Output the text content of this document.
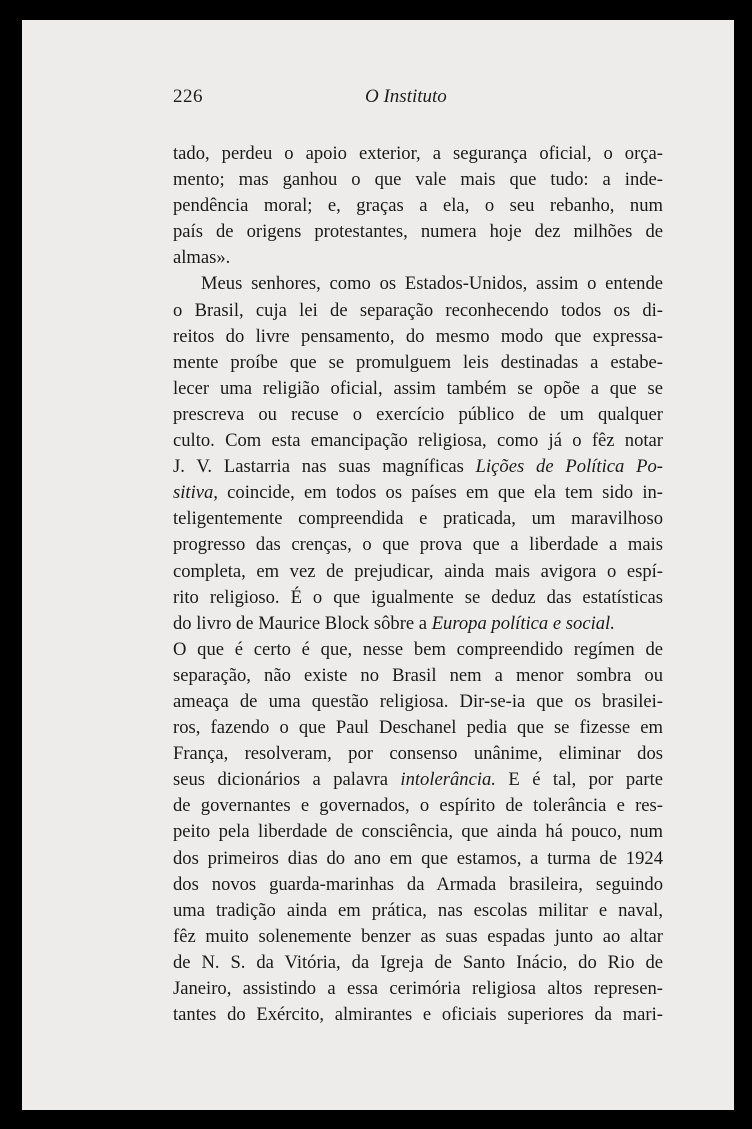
226	O Instituto
tado, perdeu o apoio exterior, a segurança oficial, o orça-
mento; mas ganhou o que vale mais que tudo: a inde-
pendência moral; e, graças a ela, o seu rebanho, num
país de origens protestantes, numera hoje dez milhões de
almas».
Meus senhores, como os Estados-Unidos, assim o entende
o Brasil, cuja lei de separação reconhecendo todos os di-
reitos do livre pensamento, do mesmo modo que expressa-
mente proíbe que se promulguem leis destinadas a estabe-
lecer uma religião oficial, assim também se opõe a que se
prescreva ou recuse o exercício público de um qualquer
culto. Com esta emancipação religiosa, como já o fêz notar
J. V. Lastarria nas suas magníficas Lições de Política Po-
sitiva, coincide, em todos os países em que ela tem sido in-
teligentemente compreendida e praticada, um maravilhoso
progresso das crenças, o que prova que a liberdade a mais
completa, em vez de prejudicar, ainda mais avigora o espí-
rito religioso. É o que igualmente se deduz das estatísticas
do livro de Maurice Block sôbre a Europa política e social.
O que é certo é que, nesse bem compreendido regímen de
separação, não existe no Brasil nem a menor sombra ou
ameaça de uma questão religiosa. Dir-se-ia que os brasilei-
ros, fazendo o que Paul Deschanel pedia que se fizesse em
França, resolveram, por consenso unânime, eliminar dos
seus dicionários a palavra intolerância. E é tal, por parte
de governantes e governados, o espírito de tolerância e res-
peito pela liberdade de consciência, que ainda há pouco, num
dos primeiros dias do ano em que estamos, a turma de 1924
dos novos guarda-marinhas da Armada brasileira, seguindo
uma tradição ainda em prática, nas escolas militar e naval,
fêz muito solenemente benzer as suas espadas junto ao altar
de N. S. da Vitória, da Igreja de Santo Inácio, do Rio de
Janeiro, assistindo a essa cerimória religiosa altos represen-
tantes do Exército, almirantes e oficiais superiores da mari-
